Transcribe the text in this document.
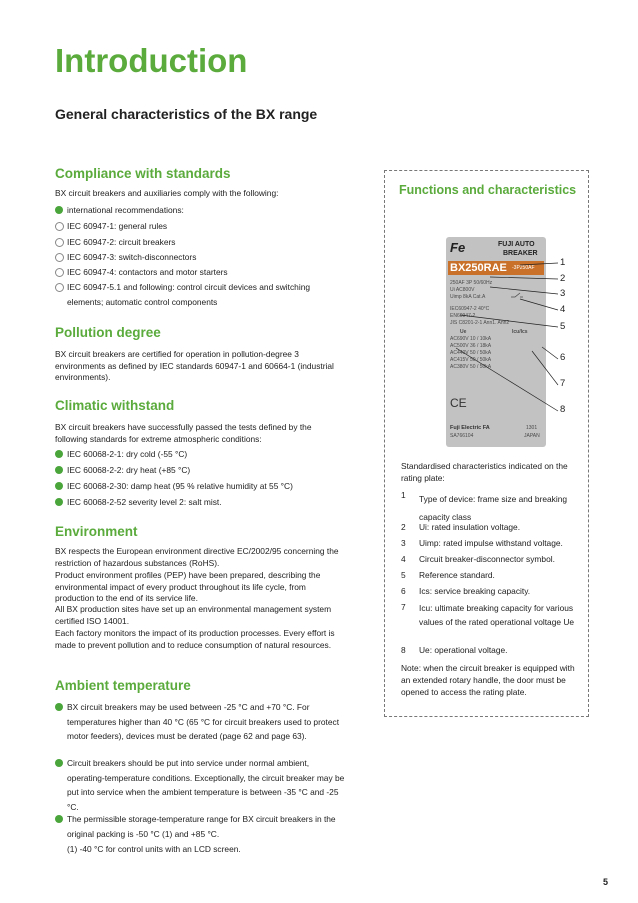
Introduction
General characteristics of the BX range
Compliance with standards

BX circuit breakers and auxiliaries comply with the following:

international recommendations:
IEC 60947-1: general rules
IEC 60947-2: circuit breakers
IEC 60947-3: switch-disconnectors
IEC 60947-4: contactors and motor starters
IEC 60947-5.1 and following: control circuit devices and switching elements; automatic control components
Pollution degree

BX circuit breakers are certified for operation in pollution-degree 3 environments as defined by IEC standards 60947-1 and 60664-1 (industrial environments).

Climatic withstand

BX circuit breakers have successfully passed the tests defined by the following standards for extreme atmospheric conditions:

IEC 60068-2-1: dry cold (-55 °C)
IEC 60068-2-2: dry heat (+85 °C)
IEC 60068-2-30: damp heat (95 % relative humidity at 55 °C)
IEC 60068-2-52 severity level 2: salt mist.
Environment

BX respects the European environment directive EC/2002/95 concerning the restriction of hazardous substances (RoHS).

Product environment profiles (PEP) have been prepared, describing the environmental impact of every product throughout its life cycle, from production to the end of its service life.

All BX production sites have set up an environmental management system certified ISO 14001.

Each factory monitors the impact of its production processes. Every effort is made to prevent pollution and to reduce consumption of natural resources.

Ambient temperature
BX circuit breakers may be used between -25 °C and +70 °C. For temperatures higher than 40 °C (65 °C for circuit breakers used to protect motor feeders), devices must be derated (page 62 and page 63).
Circuit breakers should be put into service under normal ambient, operating-temperature conditions. Exceptionally, the circuit breaker may be put into service when the ambient temperature is between -35 °C and -25 °C.
The permissible storage-temperature range for BX circuit breakers in the original packing is -50 °C (1) and +85 °C.
(1) -40 °C for control units with an LCD screen.
Functions and characteristics
Fe	FUJI AUTO
BREAKER
BX250RAE -3P250AF
250AF 3P 50/60Hz
Ui AC800V
Uimp 8kA Cat.A
IEC60947-2 40°C
EN60947-2
JIS C8201-2-1 Ann1. Ann2
Ue	Icu/Ics
AC690V 10 / 10kA
AC500V 36 / 18kA
AC440V 50 / 50kA
AC415V 50 / 50kA
AC380V 50 / 50kA
CE
Fuji Electric FA	1301
SA766104	JAPAN
1
2
3
4
5
6
7
8

Standardised characteristics indicated on the rating plate:

1	Type of device: frame size and breaking capacity class
2	Ui: rated insulation voltage.
3	Uimp: rated impulse withstand voltage.
4	Circuit breaker-disconnector symbol.
5	Reference standard.
6	Ics: service breaking capacity.
7	Icu: ultimate breaking capacity for various values of the rated operational voltage Ue
8	Ue: operational voltage.

Note: when the circuit breaker is equipped with an extended rotary handle, the door must be opened to access the rating plate.

5
